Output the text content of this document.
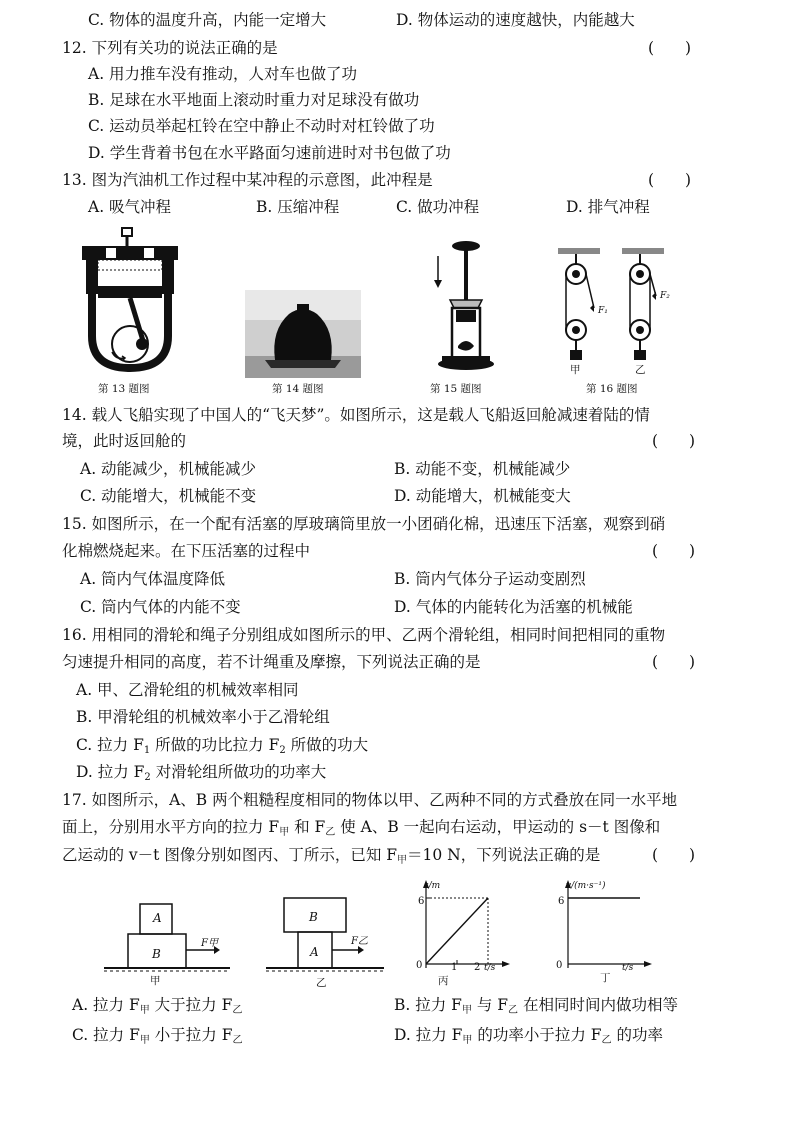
C. 物体的温度升高，内能一定增大	D. 物体运动的速度越快，内能越大
12. 下列有关功的说法正确的是	(　　)
A. 用力推车没有推动，人对车也做了功
B. 足球在水平地面上滚动时重力对足球没有做功
C. 运动员举起杠铃在空中静止不动时对杠铃做了功
D. 学生背着书包在水平路面匀速前进时对书包做了功
13. 图为汽油机工作过程中某冲程的示意图，此冲程是	(　　)
A. 吸气冲程	B. 压缩冲程	C. 做功冲程	D. 排气冲程
第 13 题图	第 14 题图	第 15 题图
F₁
F₂
甲	乙
第 16 题图
14. 载人飞船实现了中国人的“飞天梦”。如图所示，这是载人飞船返回舱减速着陆的情
境，此时返回舱的	(　　)
A. 动能减少，机械能减少	B. 动能不变，机械能减少
C. 动能增大，机械能不变	D. 动能增大，机械能变大
15. 如图所示，在一个配有活塞的厚玻璃筒里放一小团硝化棉，迅速压下活塞，观察到硝
化棉燃烧起来。在下压活塞的过程中	(　　)
A. 筒内气体温度降低	B. 筒内气体分子运动变剧烈
C. 筒内气体的内能不变	D. 气体的内能转化为活塞的机械能
16. 用相同的滑轮和绳子分别组成如图所示的甲、乙两个滑轮组，相同时间把相同的重物
匀速提升相同的高度，若不计绳重及摩擦，下列说法正确的是	(　　)
A. 甲、乙滑轮组的机械效率相同
B. 甲滑轮组的机械效率小于乙滑轮组
C. 拉力 $F_1$ 所做的功比拉力 $F_2$ 所做的功大
D. 拉力 $F_2$ 对滑轮组所做功的功率大
17. 如图所示，A、B 两个粗糙程度相同的物体以甲、乙两种不同的方式叠放在同一水平地
面上，分别用水平方向的拉力 $F_甲$ 和 $F_乙$ 使 A、B 一起向右运动，甲运动的 s－t 图像和
乙运动的 v－t 图像分别如图丙、丁所示，已知 $F_甲=10$ N，下列说法正确的是	(　　)
A
B
F甲
甲
B
A
F乙
乙
s/m
6
0	1 2 t/s
丙
v/(m·s⁻¹)
6
0	t/s
丁
A. 拉力 $F_甲$ 大于拉力 $F_乙$	B. 拉力 $F_甲$ 与 $F_乙$ 在相同时间内做功相等
C. 拉力 $F_甲$ 小于拉力 $F_乙$	D. 拉力 $F_甲$ 的功率小于拉力 $F_乙$ 的功率
